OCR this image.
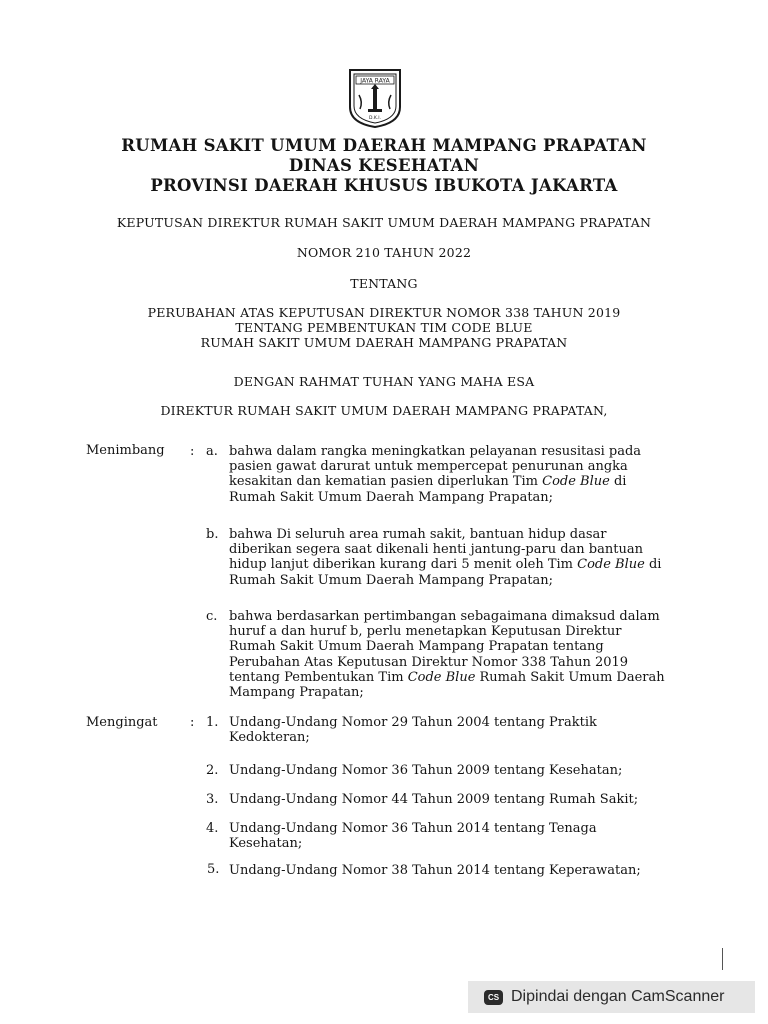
JAYA RAYA
D.K.I.
RUMAH SAKIT UMUM DAERAH MAMPANG PRAPATAN
DINAS KESEHATAN
PROVINSI DAERAH KHUSUS IBUKOTA JAKARTA
KEPUTUSAN DIREKTUR RUMAH SAKIT UMUM DAERAH MAMPANG PRAPATAN
NOMOR 210 TAHUN 2022
TENTANG
PERUBAHAN ATAS KEPUTUSAN DIREKTUR NOMOR 338 TAHUN 2019
TENTANG PEMBENTUKAN TIM CODE BLUE
RUMAH SAKIT UMUM DAERAH MAMPANG PRAPATAN
DENGAN RAHMAT TUHAN YANG MAHA ESA
DIREKTUR RUMAH SAKIT UMUM DAERAH MAMPANG PRAPATAN,
Menimbang : a. bahwa dalam rangka meningkatkan pelayanan resusitasi pada
pasien gawat darurat untuk mempercepat penurunan angka
kesakitan dan kematian pasien diperlukan Tim Code Blue di
Rumah Sakit Umum Daerah Mampang Prapatan;
b. bahwa Di seluruh area rumah sakit, bantuan hidup dasar
diberikan segera saat dikenali henti jantung-paru dan bantuan
hidup lanjut diberikan kurang dari 5 menit oleh Tim Code Blue di
Rumah Sakit Umum Daerah Mampang Prapatan;
c. bahwa berdasarkan pertimbangan sebagaimana dimaksud dalam
huruf a dan huruf b, perlu menetapkan Keputusan Direktur
Rumah Sakit Umum Daerah Mampang Prapatan tentang
Perubahan Atas Keputusan Direktur Nomor 338 Tahun 2019
tentang Pembentukan Tim Code Blue Rumah Sakit Umum Daerah
Mampang Prapatan;
Mengingat : 1. Undang-Undang Nomor 29 Tahun 2004 tentang Praktik
Kedokteran;
2. Undang-Undang Nomor 36 Tahun 2009 tentang Kesehatan;
3. Undang-Undang Nomor 44 Tahun 2009 tentang Rumah Sakit;
4. Undang-Undang Nomor 36 Tahun 2014 tentang Tenaga
Kesehatan;
5. Undang-Undang Nomor 38 Tahun 2014 tentang Keperawatan;
CS Dipindai dengan CamScanner
